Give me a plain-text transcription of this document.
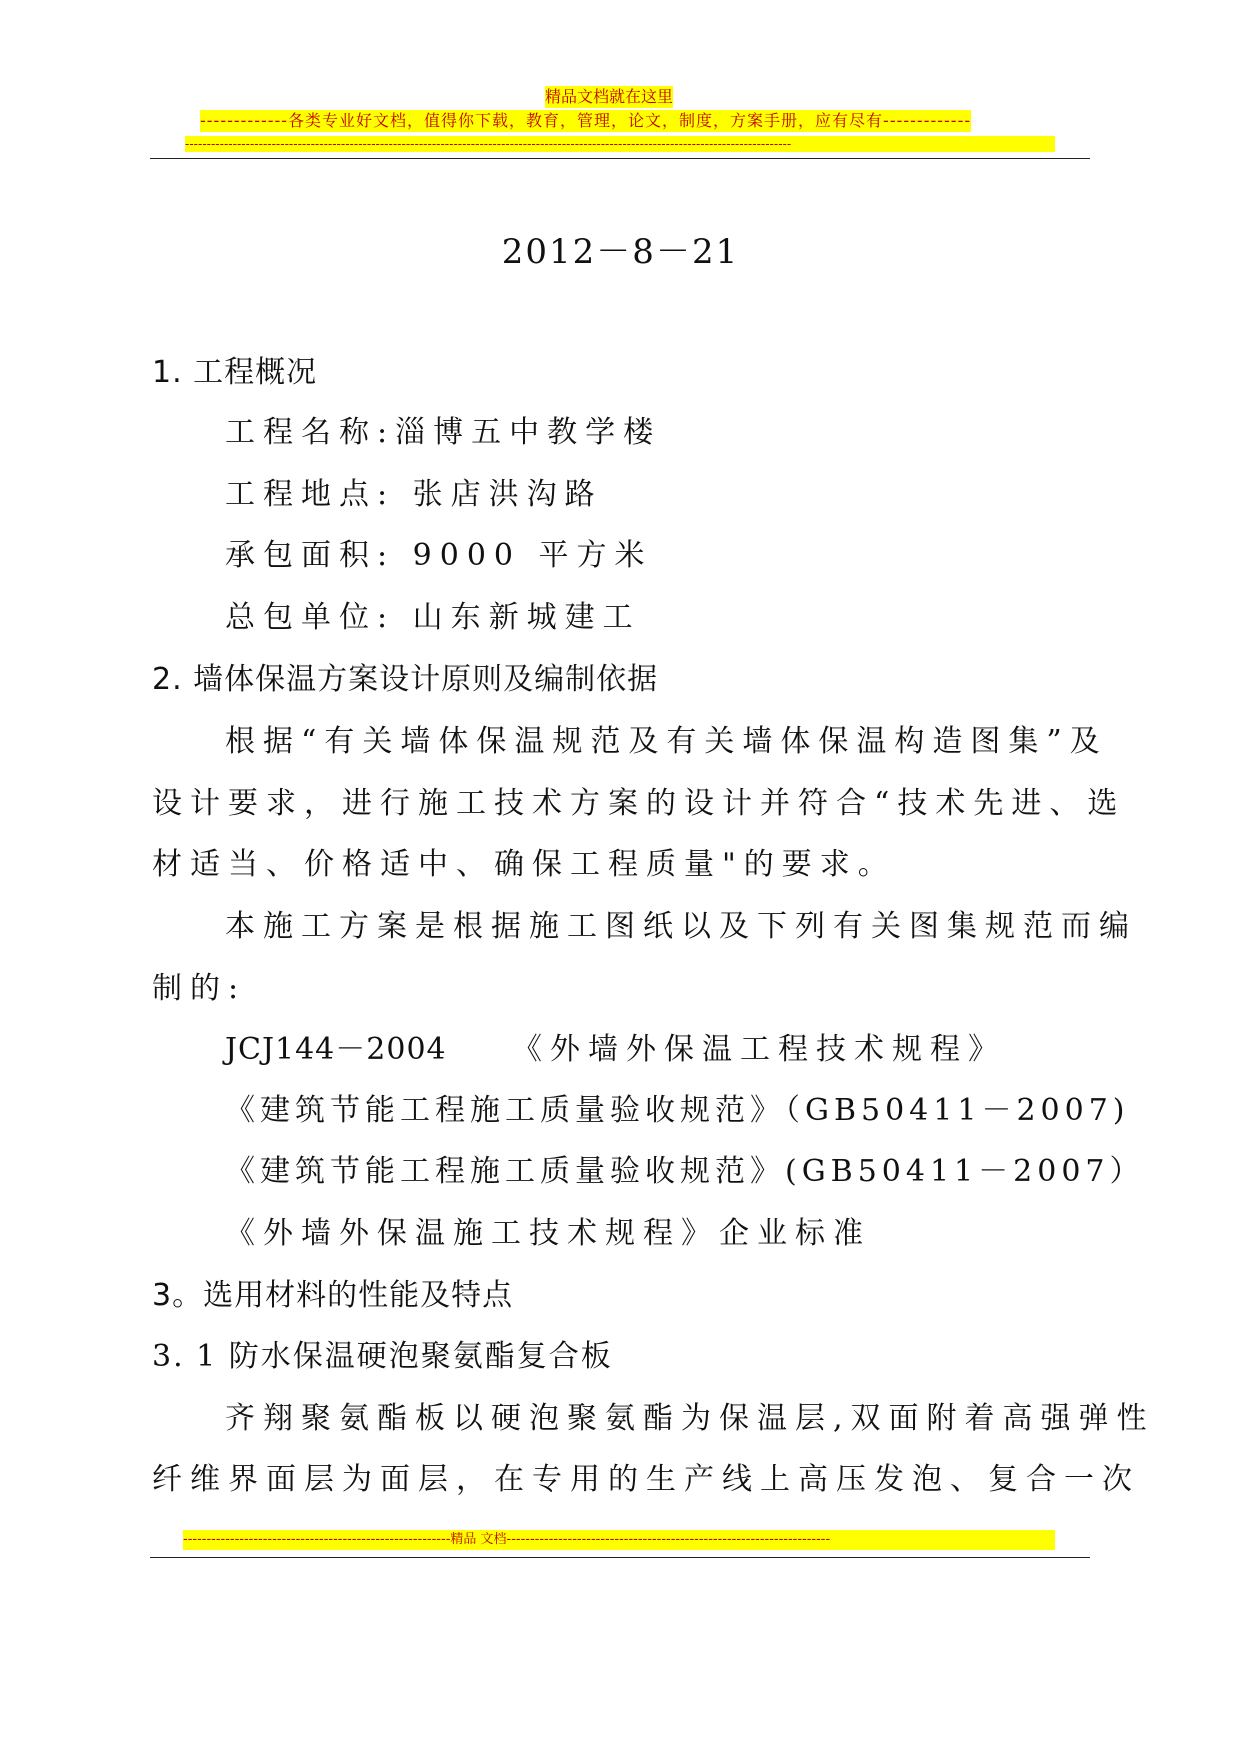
精品文档就在这里
-------------各类专业好文档，值得你下载，教育，管理，论文，制度，方案手册，应有尽有-------------
--------------------------------------------------------------------------------------------------------------------------------------------
2012－8－21
1. 工程概况
工程名称:淄博五中教学楼
工程地点: 张店洪沟路
承包面积: 9000 平方米
总包单位: 山东新城建工
2. 墙体保温方案设计原则及编制依据
根据“有关墙体保温规范及有关墙体保温构造图集”及
设计要求，进行施工技术方案的设计并符合“技术先进、选
材适当、价格适中、确保工程质量"的要求。
本施工方案是根据施工图纸以及下列有关图集规范而编
制的:
JCJ144－2004 《外墙外保温工程技术规程》
《建筑节能工程施工质量验收规范》（GB50411－2007)
《建筑节能工程施工质量验收规范》(GB50411－2007）
《外墙外保温施工技术规程》企业标准
3。选用材料的性能及特点
3. 1 防水保温硬泡聚氨酯复合板
齐翔聚氨酯板以硬泡聚氨酯为保温层,双面附着高强弹性
纤维界面层为面层，在专用的生产线上高压发泡、复合一次
---------------------------------------------------------精品 文档---------------------------------------------------------------------
